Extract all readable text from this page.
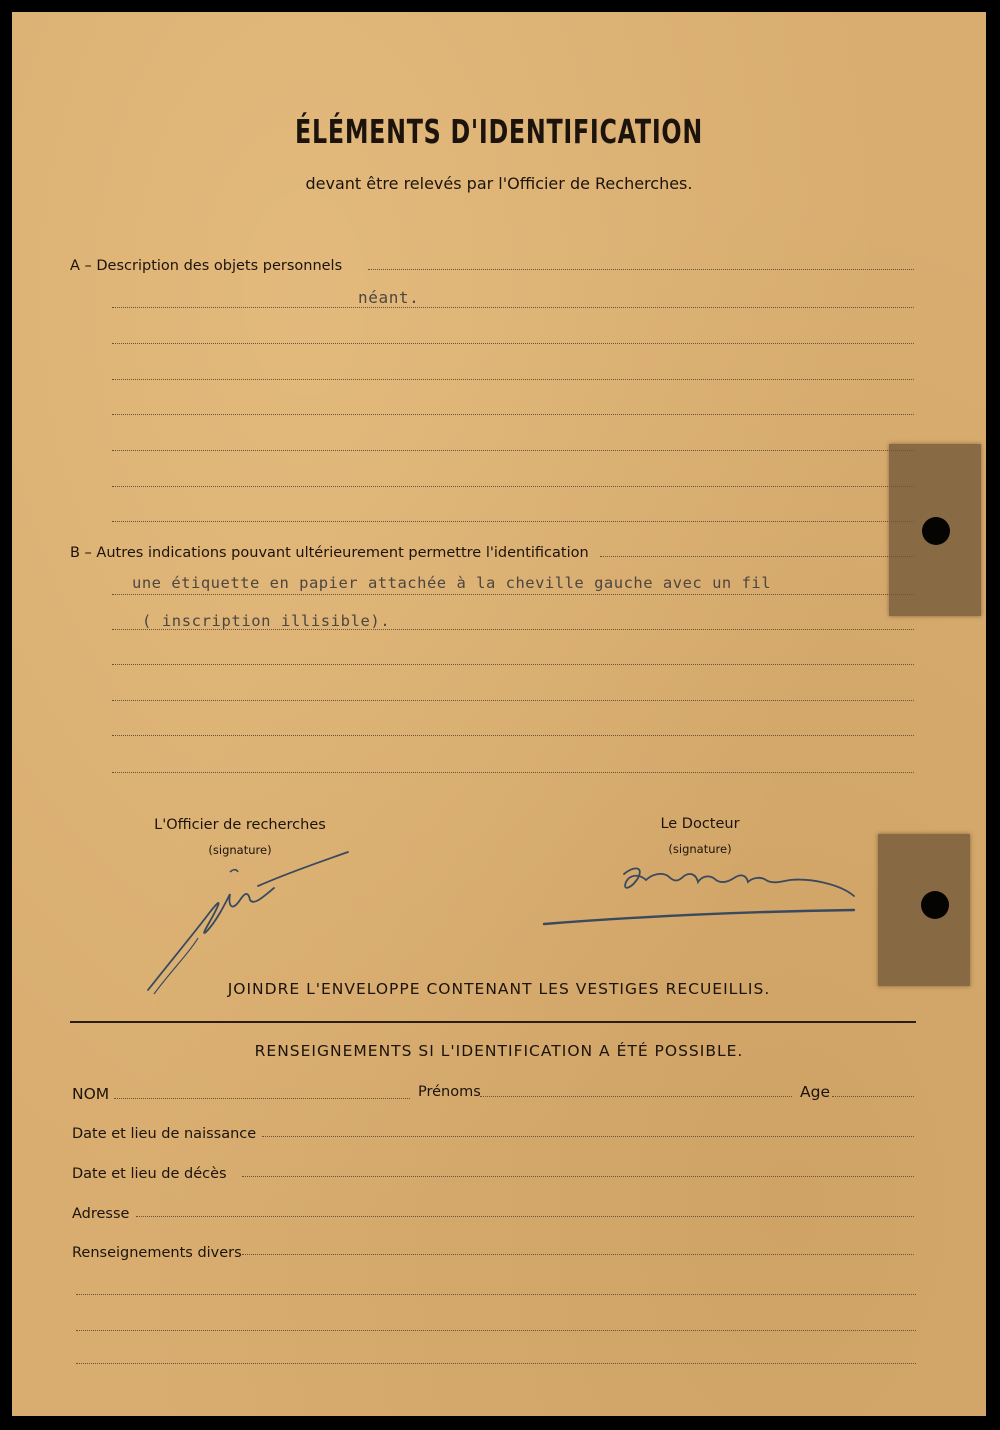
ÉLÉMENTS D'IDENTIFICATION
devant être relevés par l'Officier de Recherches.
A – Description des objets personnels
néant.
B – Autres indications pouvant ultérieurement permettre l'identification
une étiquette en papier attachée à la cheville gauche avec un fil
( inscription illisible).
L'Officier de recherches
(signature)
Le Docteur
(signature)
JOINDRE L'ENVELOPPE CONTENANT LES VESTIGES RECUEILLIS.
RENSEIGNEMENTS SI L'IDENTIFICATION A ÉTÉ POSSIBLE.
NOM	Prénoms	Age
Date et lieu de naissance
Date et lieu de décès
Adresse
Renseignements divers
